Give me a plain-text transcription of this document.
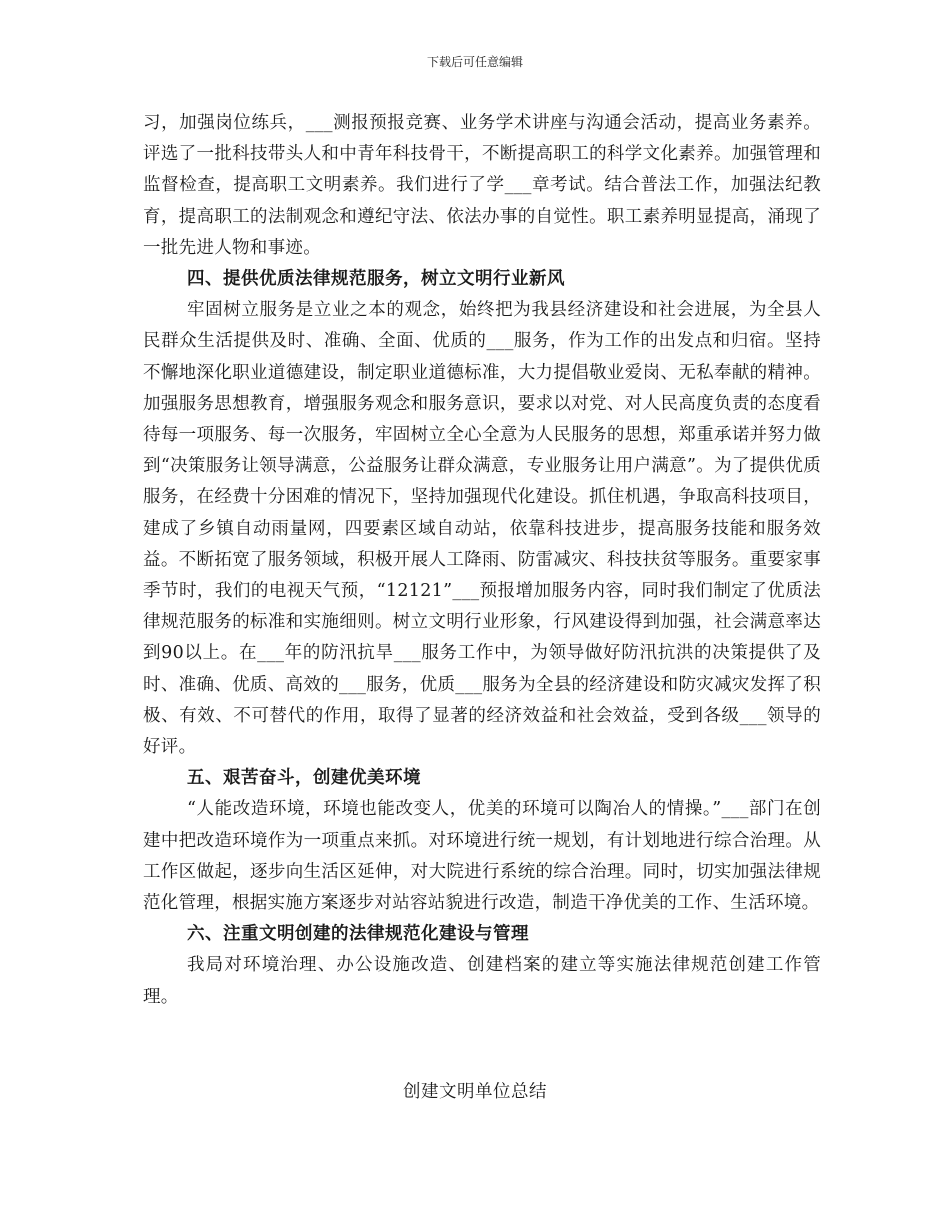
下载后可任意编辑

习，加强岗位练兵，___测报预报竞赛、业务学术讲座与沟通会活动，提高业务素养。评选了一批科技带头人和中青年科技骨干，不断提高职工的科学文化素养。加强管理和监督检查，提高职工文明素养。我们进行了学___章考试。结合普法工作，加强法纪教育，提高职工的法制观念和遵纪守法、依法办事的自觉性。职工素养明显提高，涌现了一批先进人物和事迹。

四、提供优质法律规范服务，树立文明行业新风

牢固树立服务是立业之本的观念，始终把为我县经济建设和社会进展，为全县人民群众生活提供及时、准确、全面、优质的___服务，作为工作的出发点和归宿。坚持不懈地深化职业道德建设，制定职业道德标准，大力提倡敬业爱岗、无私奉献的精神。加强服务思想教育，增强服务观念和服务意识，要求以对党、对人民高度负责的态度看待每一项服务、每一次服务，牢固树立全心全意为人民服务的思想，郑重承诺并努力做到“决策服务让领导满意，公益服务让群众满意，专业服务让用户满意”。为了提供优质服务，在经费十分困难的情况下，坚持加强现代化建设。抓住机遇，争取高科技项目，建成了乡镇自动雨量网，四要素区域自动站，依靠科技进步，提高服务技能和服务效益。不断拓宽了服务领域，积极开展人工降雨、防雷减灾、科技扶贫等服务。重要家事季节时，我们的电视天气预，“12121”___预报增加服务内容，同时我们制定了优质法律规范服务的标准和实施细则。树立文明行业形象，行风建设得到加强，社会满意率达到90以上。在___年的防汛抗旱___服务工作中，为领导做好防汛抗洪的决策提供了及时、准确、优质、高效的___服务，优质___服务为全县的经济建设和防灾减灾发挥了积极、有效、不可替代的作用，取得了显著的经济效益和社会效益，受到各级___领导的好评。

五、艰苦奋斗，创建优美环境

“人能改造环境，环境也能改变人，优美的环境可以陶冶人的情操。”___部门在创建中把改造环境作为一项重点来抓。对环境进行统一规划，有计划地进行综合治理。从工作区做起，逐步向生活区延伸，对大院进行系统的综合治理。同时，切实加强法律规范化管理，根据实施方案逐步对站容站貌进行改造，制造干净优美的工作、生活环境。

六、注重文明创建的法律规范化建设与管理

我局对环境治理、办公设施改造、创建档案的建立等实施法律规范创建工作管理。

创建文明单位总结
